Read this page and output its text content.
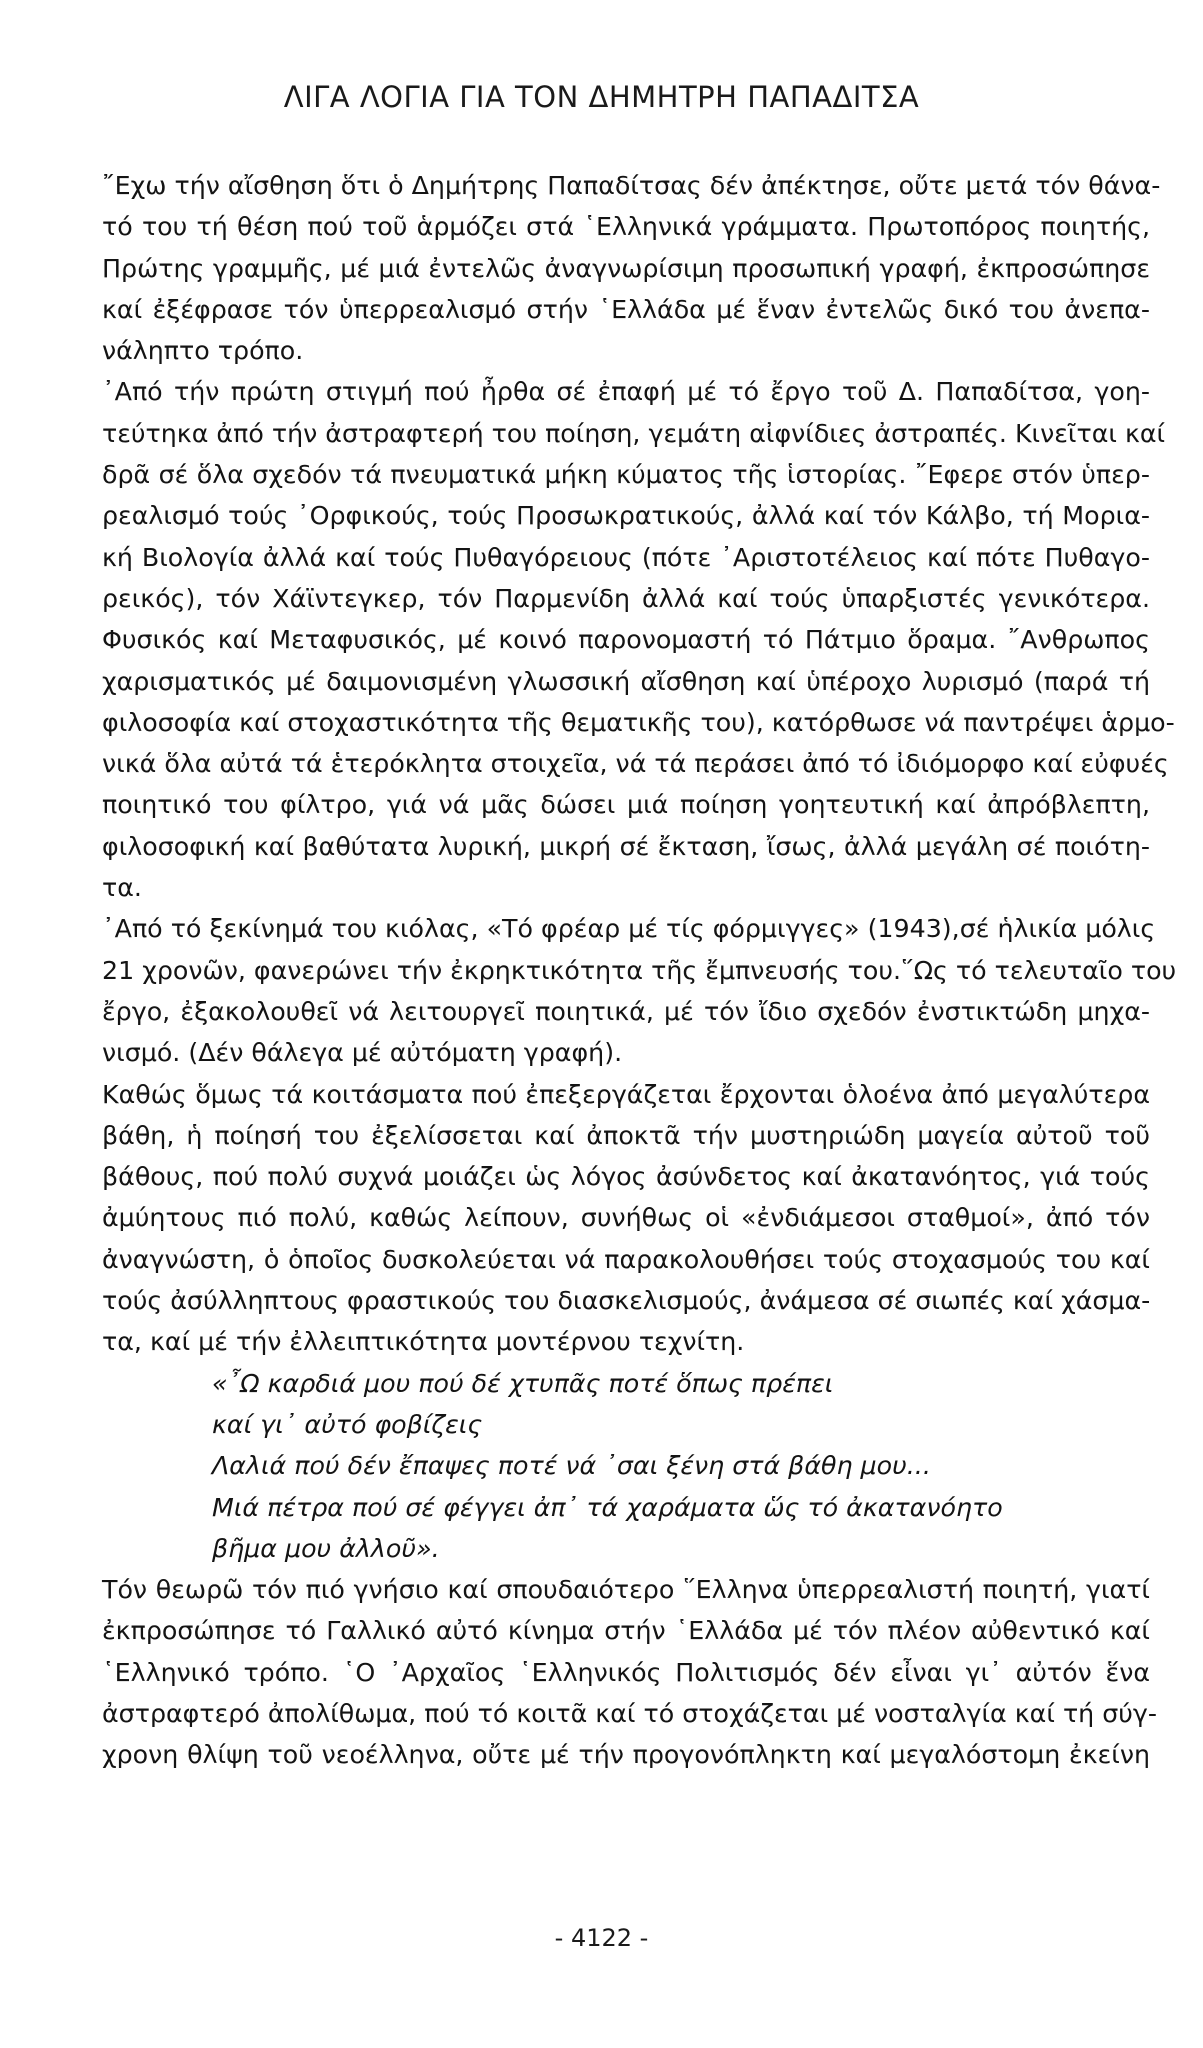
ΛΙΓΑ ΛΟΓΙΑ ΓΙΑ ΤΟΝ ΔΗΜΗΤΡΗ ΠΑΠΑΔΙΤΣΑ
῎Εχω τήν αἴσθηση ὅτι ὁ Δημήτρης Παπαδίτσας δέν ἀπέκτησε, οὔτε μετά τόν θάνα-
τό του τή θέση πού τοῦ ἁρμόζει στά ῾Ελληνικά γράμματα. Πρωτοπόρος ποιητής,
Πρώτης γραμμῆς, μέ μιά ἐντελῶς ἀναγνωρίσιμη προσωπική γραφή, ἐκπροσώπησε
καί ἐξέφρασε τόν ὑπερρεαλισμό στήν ῾Ελλάδα μέ ἕναν ἐντελῶς δικό του ἀνεπα-
νάληπτο τρόπο.
᾿Από τήν πρώτη στιγμή πού ἦρθα σέ ἐπαφή μέ τό ἔργο τοῦ Δ. Παπαδίτσα, γοη-
τεύτηκα ἀπό τήν ἀστραφτερή του ποίηση, γεμάτη αἰφνίδιες ἀστραπές. Κινεῖται καί
δρᾶ σέ ὅλα σχεδόν τά πνευματικά μήκη κύματος τῆς ἱστορίας. ῎Εφερε στόν ὑπερ-
ρεαλισμό τούς ᾿Ορφικούς, τούς Προσωκρατικούς, ἀλλά καί τόν Κάλβο, τή Μορια-
κή Βιολογία ἀλλά καί τούς Πυθαγόρειους (πότε ᾿Αριστοτέλειος καί πότε Πυθαγο-
ρεικός), τόν Χάϊντεγκερ, τόν Παρμενίδη ἀλλά καί τούς ὑπαρξιστές γενικότερα.
Φυσικός καί Μεταφυσικός, μέ κοινό παρονομαστή τό Πάτμιο ὅραμα. ῎Ανθρωπος
χαρισματικός μέ δαιμονισμένη γλωσσική αἴσθηση καί ὑπέροχο λυρισμό (παρά τή
φιλοσοφία καί στοχαστικότητα τῆς θεματικῆς του), κατόρθωσε νά παντρέψει ἁρμο-
νικά ὅλα αὐτά τά ἑτερόκλητα στοιχεῖα, νά τά περάσει ἀπό τό ἰδιόμορφο καί εὐφυές
ποιητικό του φίλτρο, γιά νά μᾶς δώσει μιά ποίηση γοητευτική καί ἀπρόβλεπτη,
φιλοσοφική καί βαθύτατα λυρική, μικρή σέ ἔκταση, ἴσως, ἀλλά μεγάλη σέ ποιότη-
τα.
᾿Από τό ξεκίνημά του κιόλας, «Τό φρέαρ μέ τίς φόρμιγγες» (1943),σέ ἡλικία μόλις
21 χρονῶν, φανερώνει τήν ἐκρηκτικότητα τῆς ἔμπνευσής του.῞Ως τό τελευταῖο του
ἔργο, ἐξακολουθεῖ νά λειτουργεῖ ποιητικά, μέ τόν ἴδιο σχεδόν ἐνστικτώδη μηχα-
νισμό. (Δέν θάλεγα μέ αὐτόματη γραφή).
Καθώς ὅμως τά κοιτάσματα πού ἐπεξεργάζεται ἔρχονται ὁλοένα ἀπό μεγαλύτερα
βάθη, ἡ ποίησή του ἐξελίσσεται καί ἀποκτᾶ τήν μυστηριώδη μαγεία αὐτοῦ τοῦ
βάθους, πού πολύ συχνά μοιάζει ὡς λόγος ἀσύνδετος καί ἀκατανόητος, γιά τούς
ἀμύητους πιό πολύ, καθώς λείπουν, συνήθως οἱ «ἐνδιάμεσοι σταθμοί», ἀπό τόν
ἀναγνώστη, ὁ ὁποῖος δυσκολεύεται νά παρακολουθήσει τούς στοχασμούς του καί
τούς ἀσύλληπτους φραστικούς του διασκελισμούς, ἀνάμεσα σέ σιωπές καί χάσμα-
τα, καί μέ τήν ἐλλειπτικότητα μοντέρνου τεχνίτη.
«῏Ω καρδιά μου πού δέ χτυπᾶς ποτέ ὅπως πρέπει
καί γι᾿ αὐτό φοβίζεις
Λαλιά πού δέν ἔπαψες ποτέ νά ᾿σαι ξένη στά βάθη μου...
Μιά πέτρα πού σέ φέγγει ἀπ᾿ τά χαράματα ὥς τό ἀκατανόητο
βῆμα μου ἀλλοῦ».
Τόν θεωρῶ τόν πιό γνήσιο καί σπουδαιότερο ῞Ελληνα ὑπερρεαλιστή ποιητή, γιατί
ἐκπροσώπησε τό Γαλλικό αὐτό κίνημα στήν ῾Ελλάδα μέ τόν πλέον αὐθεντικό καί
῾Ελληνικό τρόπο. ῾Ο ᾿Αρχαῖος ῾Ελληνικός Πολιτισμός δέν εἶναι γι᾿ αὐτόν ἕνα
ἀστραφτερό ἀπολίθωμα, πού τό κοιτᾶ καί τό στοχάζεται μέ νοσταλγία καί τή σύγ-
χρονη θλίψη τοῦ νεοέλληνα, οὔτε μέ τήν προγονόπληκτη καί μεγαλόστομη ἐκείνη
- 4122 -
